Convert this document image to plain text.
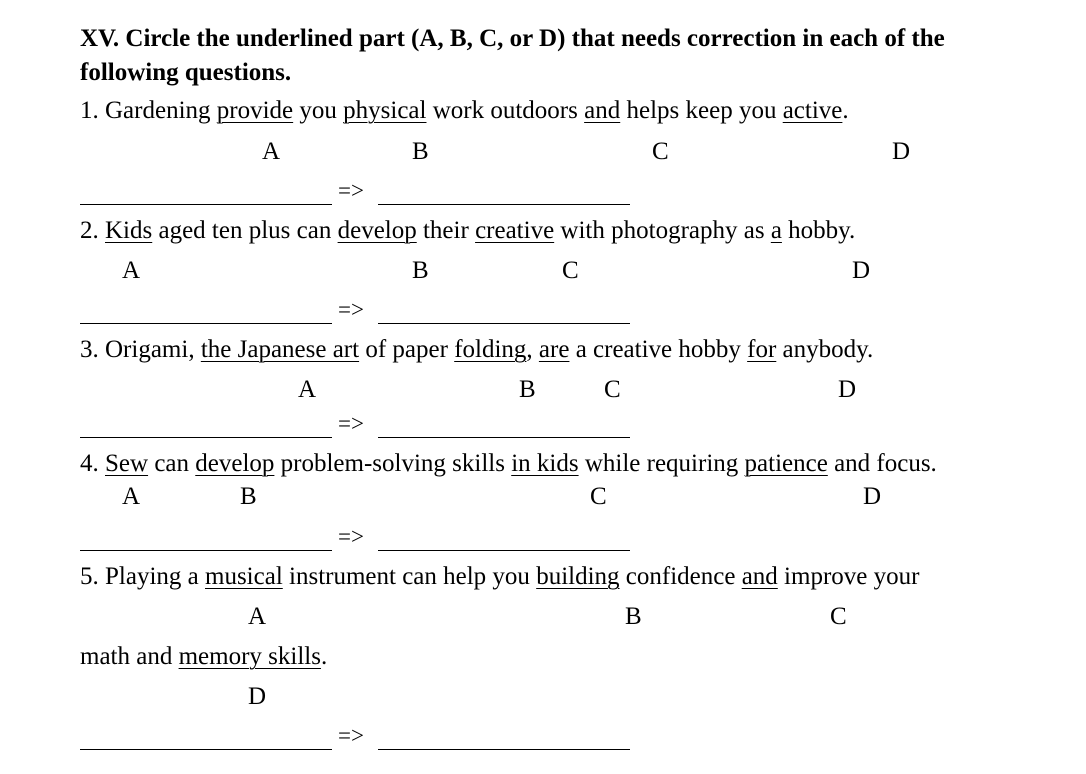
XV. Circle the underlined part (A, B, C, or D) that needs correction in each of the
following questions.
1. Gardening provide you physical work outdoors and helps keep you active.
A	B	C	D
=>
2. Kids aged ten plus can develop their creative with photography as a hobby.
A	B	C	D
=>
3. Origami, the Japanese art of paper folding, are a creative hobby for anybody.
A	B	C	D
=>
4. Sew can develop problem-solving skills in kids while requiring patience and focus.
A	B	C	D
=>
5. Playing a musical instrument can help you building confidence and improve your
A	B	C
math and memory skills.
D
=>
